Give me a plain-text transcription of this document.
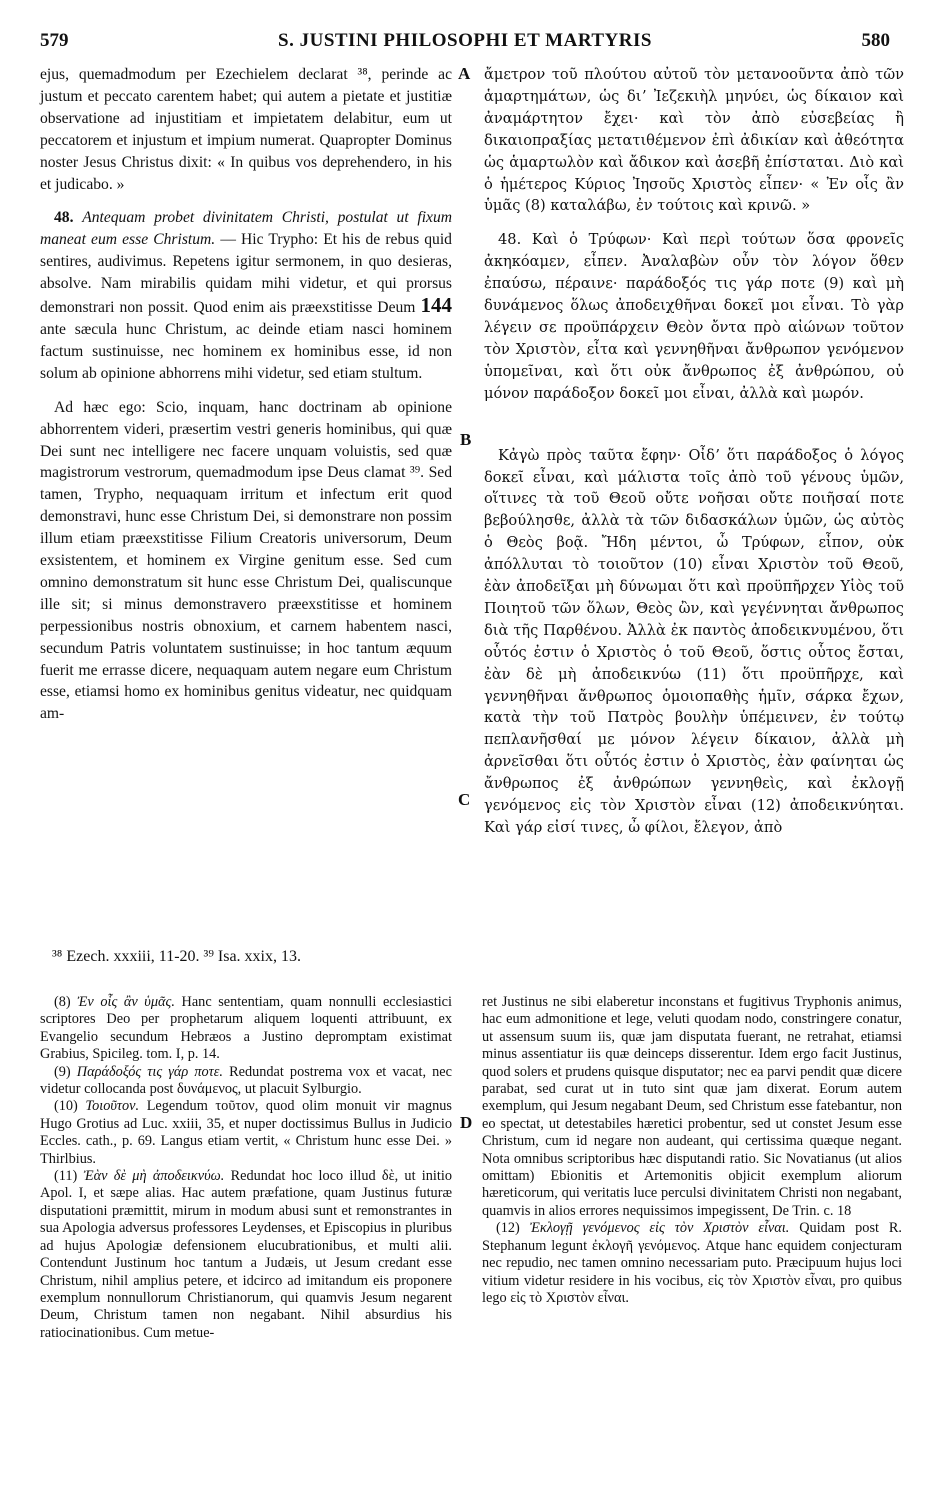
579	S. JUSTINI PHILOSOPHI ET MARTYRIS	580
A
B
C
D

ejus, quemadmodum per Ezechielem declarat ³⁸, perinde ac justum et peccato carentem habet; qui autem a pietate et justitiæ observatione ad injustitiam et impietatem delabitur, eum ut peccatorem et injustum et impium numerat. Quapropter Dominus noster Jesus Christus dixit: « In quibus vos deprehendero, in his et judicabo. »

48. Antequam probet divinitatem Christi, postulat ut fixum maneat eum esse Christum. — Hic Trypho: Et his de rebus quid sentires, audivimus. Repetens igitur sermonem, in quo desieras, absolve. Nam mirabilis quidam mihi videtur, et qui prorsus demonstrari non possit. Quod enim ais præexstitisse Deum 144 ante sæcula hunc Christum, ac deinde etiam nasci hominem factum sustinuisse, nec hominem ex hominibus esse, id non solum ab opinione abhorrens mihi videtur, sed etiam stultum.

Ad hæc ego: Scio, inquam, hanc doctrinam ab opinione abhorrentem videri, præsertim vestri generis hominibus, qui quæ Dei sunt nec intelligere nec facere unquam voluistis, sed quæ magistrorum vestrorum, quemadmodum ipse Deus clamat ³⁹. Sed tamen, Trypho, nequaquam irritum et infectum erit quod demonstravi, hunc esse Christum Dei, si demonstrare non possim illum etiam præexstitisse Filium Creatoris universorum, Deum exsistentem, et hominem ex Virgine genitum esse. Sed cum omnino demonstratum sit hunc esse Christum Dei, qualiscunque ille sit; si minus demonstravero præexstitisse et hominem perpessionibus nostris obnoxium, et carnem habentem nasci, secundum Patris voluntatem sustinuisse; in hoc tantum æquum fuerit me errasse dicere, nequaquam autem negare eum Christum esse, etiamsi homo ex hominibus genitus videatur, nec quidquam am-

ἄμετρον τοῦ πλούτου αὐτοῦ τὸν μετανοοῦντα ἀπὸ τῶν ἁμαρτημάτων, ὡς διʼ Ἰεζεκιὴλ μηνύει, ὡς δίκαιον καὶ ἀναμάρτητον ἔχει· καὶ τὸν ἀπὸ εὐσεβείας ἢ δικαιοπραξίας μετατιθέμενον ἐπὶ ἀδικίαν καὶ ἀθεότητα ὡς ἁμαρτωλὸν καὶ ἄδικον καὶ ἀσεβῆ ἐπίσταται. Διὸ καὶ ὁ ἡμέτερος Κύριος Ἰησοῦς Χριστὸς εἶπεν· « Ἐν οἷς ἂν ὑμᾶς (8) καταλάβω, ἐν τούτοις καὶ κρινῶ. »

48. Καὶ ὁ Τρύφων· Καὶ περὶ τούτων ὅσα φρονεῖς ἀκηκόαμεν, εἶπεν. Ἀναλαβὼν οὖν τὸν λόγον ὅθεν ἐπαύσω, πέραινε· παράδοξός τις γάρ ποτε (9) καὶ μὴ δυνάμενος ὅλως ἀποδειχθῆναι δοκεῖ μοι εἶναι. Τὸ γὰρ λέγειν σε προϋπάρχειν Θεὸν ὄντα πρὸ αἰώνων τοῦτον τὸν Χριστὸν, εἶτα καὶ γεννηθῆναι ἄνθρωπον γενόμενον ὑπομεῖναι, καὶ ὅτι οὐκ ἄνθρωπος ἐξ ἀνθρώπου, οὐ μόνον παράδοξον δοκεῖ μοι εἶναι, ἀλλὰ καὶ μωρόν.

Κἀγὼ πρὸς ταῦτα ἔφην· Οἶδʼ ὅτι παράδοξος ὁ λόγος δοκεῖ εἶναι, καὶ μάλιστα τοῖς ἀπὸ τοῦ γένους ὑμῶν, οἵτινες τὰ τοῦ Θεοῦ οὔτε νοῆσαι οὔτε ποιῆσαί ποτε βεβούλησθε, ἀλλὰ τὰ τῶν διδασκάλων ὑμῶν, ὡς αὐτὸς ὁ Θεὸς βοᾷ. Ἤδη μέντοι, ὦ Τρύφων, εἶπον, οὐκ ἀπόλλυται τὸ τοιοῦτον (10) εἶναι Χριστὸν τοῦ Θεοῦ, ἐὰν ἀποδεῖξαι μὴ δύνωμαι ὅτι καὶ προϋπῆρχεν Υἱὸς τοῦ Ποιητοῦ τῶν ὅλων, Θεὸς ὢν, καὶ γεγέννηται ἄνθρωπος διὰ τῆς Παρθένου. Ἀλλὰ ἐκ παντὸς ἀποδεικνυμένου, ὅτι οὗτός ἐστιν ὁ Χριστὸς ὁ τοῦ Θεοῦ, ὅστις οὗτος ἔσται, ἐὰν δὲ μὴ ἀποδεικνύω (11) ὅτι προϋπῆρχε, καὶ γεννηθῆναι ἄνθρωπος ὁμοιοπαθὴς ἡμῖν, σάρκα ἔχων, κατὰ τὴν τοῦ Πατρὸς βουλὴν ὑπέμεινεν, ἐν τούτῳ πεπλανῆσθαί με μόνον λέγειν δίκαιον, ἀλλὰ μὴ ἀρνεῖσθαι ὅτι οὗτός ἐστιν ὁ Χριστὸς, ἐὰν φαίνηται ὡς ἄνθρωπος ἐξ ἀνθρώπων γεννηθεὶς, καὶ ἐκλογῇ γενόμενος εἰς τὸν Χριστὸν εἶναι (12) ἀποδεικνύηται. Καὶ γάρ εἰσί τινες, ὦ φίλοι, ἔλεγον, ἀπὸ

³⁸ Ezech. xxxiii, 11-20. ³⁹ Isa. xxix, 13.

(8) Ἐν οἷς ἂν ὑμᾶς. Hanc sententiam, quam nonnulli ecclesiastici scriptores Deo per prophetarum aliquem loquenti attribuunt, ex Evangelio secundum Hebræos a Justino depromptam existimat Grabius, Spicileg. tom. I, p. 14.

(9) Παράδοξός τις γάρ ποτε. Redundat postrema vox et vacat, nec videtur collocanda post δυνάμενος, ut placuit Sylburgio.

(10) Τοιοῦτον. Legendum τοῦτον, quod olim monuit vir magnus Hugo Grotius ad Luc. xxiii, 35, et nuper doctissimus Bullus in Judicio Eccles. cath., p. 69. Langus etiam vertit, « Christum hunc esse Dei. » Thirlbius.

(11) Ἐὰν δὲ μὴ ἀποδεικνύω. Redundat hoc loco illud δὲ, ut initio Apol. I, et sæpe alias. Hac autem præfatione, quam Justinus futuræ disputationi præmittit, mirum in modum abusi sunt et remonstrantes in sua Apologia adversus professores Leydenses, et Episcopius in pluribus ad hujus Apologiæ defensionem elucubrationibus, et multi alii. Contendunt Justinum hoc tantum a Judæis, ut Jesum credant esse Christum, nihil amplius petere, et idcirco ad imitandum eis proponere exemplum nonnullorum Christianorum, qui quamvis Jesum negarent Deum, Christum tamen non negabant. Nihil absurdius his ratiocinationibus. Cum metue-

ret Justinus ne sibi elaberetur inconstans et fugitivus Tryphonis animus, hac eum admonitione et lege, veluti quodam nodo, constringere conatur, ut assensum suum iis, quæ jam disputata fuerant, ne retrahat, etiamsi minus assentiatur iis quæ deinceps disserentur. Idem ergo facit Justinus, quod solers et prudens quisque disputator; nec ea parvi pendit quæ dicere parabat, sed curat ut in tuto sint quæ jam dixerat. Eorum autem exemplum, qui Jesum negabant Deum, sed Christum esse fatebantur, non eo spectat, ut detestabiles hæretici probentur, sed ut constet Jesum esse Christum, cum id negare non audeant, qui certissima quæque negant. Nota omnibus scriptoribus hæc disputandi ratio. Sic Novatianus (ut alios omittam) Ebionitis et Artemonitis objicit exemplum aliorum hæreticorum, qui veritatis luce perculsi divinitatem Christi non negabant, quamvis in alios errores nequissimos impegissent, De Trin. c. 18

(12) Ἐκλογῇ γενόμενος εἰς τὸν Χριστὸν εἶναι. Quidam post R. Stephanum legunt ἐκλογῆ γενόμενος. Atque hanc equidem conjecturam nec repudio, nec tamen omnino necessariam puto. Præcipuum hujus loci vitium videtur residere in his vocibus, εἰς τὸν Χριστὸν εἶναι, pro quibus lego εἰς τὸ Χριστὸν εἶναι.
